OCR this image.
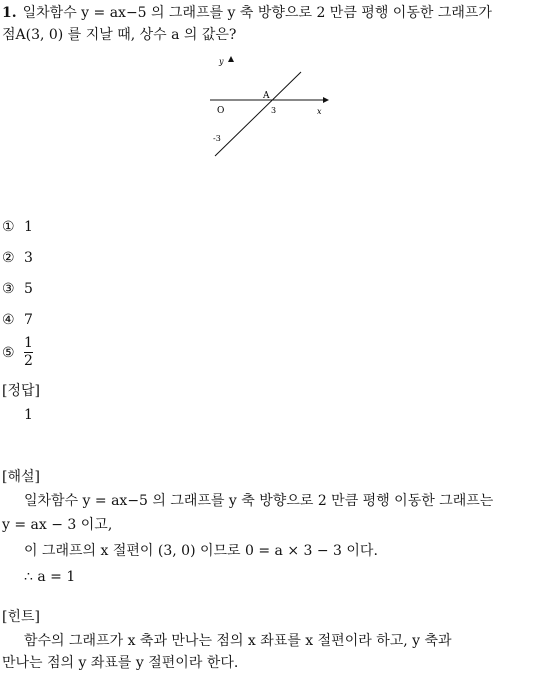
1. 일차함수 y = ax−5 의 그래프를 y 축 방향으로 2 만큼 평행 이동한 그래프가
점A(3, 0) 를 지날 때, 상수 a 의 값은?
y
x
O
A
3
-3
① 1
② 3
③ 5
④ 7
⑤ $\frac{1}{2}$
[정답]
1
[해설]
일차함수 y = ax−5 의 그래프를 y 축 방향으로 2 만큼 평행 이동한 그래프는
y = ax − 3 이고,
이 그래프의 x 절편이 (3, 0) 이므로 0 = a × 3 − 3 이다.
∴ a = 1
[힌트]
함수의 그래프가 x 축과 만나는 점의 x 좌표를 x 절편이라 하고, y 축과
만나는 점의 y 좌표를 y 절편이라 한다.
